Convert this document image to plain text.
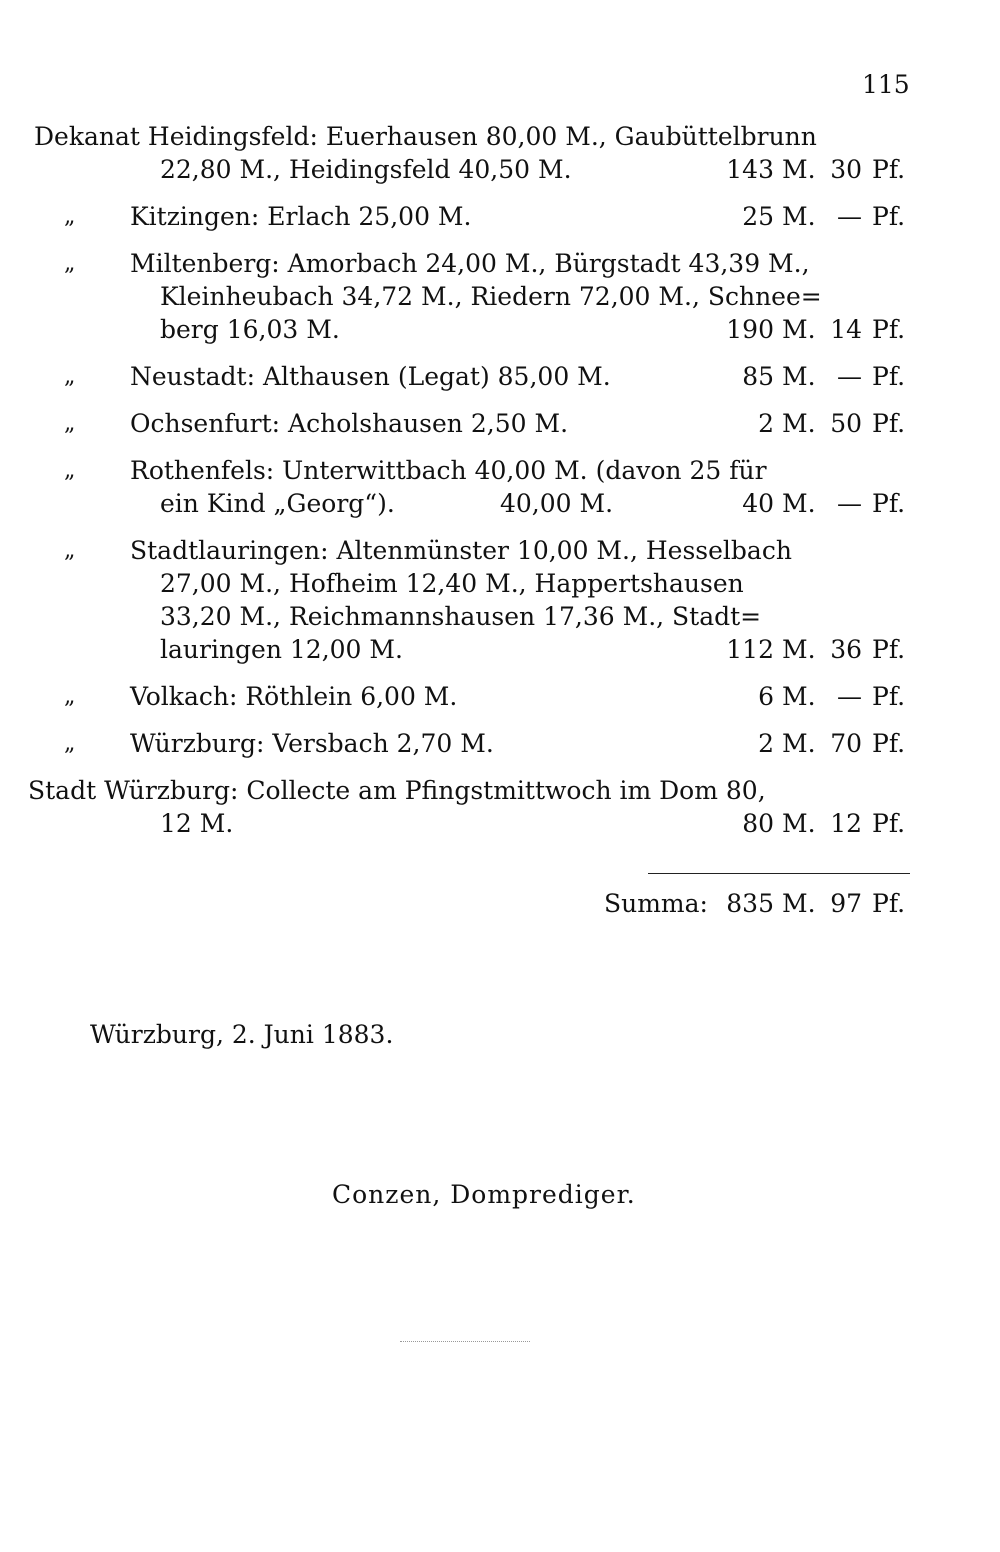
115
Dekanat Heidingsfeld: Euerhausen 80,00 M., Gaubüttelbrunn
22,80 M., Heidingsfeld 40,50 M.	143 M. 30 Pf.
„ Kitzingen: Erlach 25,00 M.	25 M. — Pf.
„ Miltenberg: Amorbach 24,00 M., Bürgstadt 43,39 M.,
Kleinheubach 34,72 M., Riedern 72,00 M., Schnee=
berg 16,03 M.	190 M. 14 Pf.
„ Neustadt: Althausen (Legat) 85,00 M.	85 M. — Pf.
„ Ochsenfurt: Acholshausen 2,50 M.	2 M. 50 Pf.
„ Rothenfels: Unterwittbach 40,00 M. (davon 25 für
ein Kind „Georg“).	40,00 M.	40 M. — Pf.
„ Stadtlauringen: Altenmünster 10,00 M., Hesselbach
27,00 M., Hofheim 12,40 M., Happertshausen
33,20 M., Reichmannshausen 17,36 M., Stadt=
lauringen 12,00 M.	112 M. 36 Pf.
„ Volkach: Röthlein 6,00 M.	6 M. — Pf.
„ Würzburg: Versbach 2,70 M.	2 M. 70 Pf.
Stadt Würzburg: Collecte am Pfingstmittwoch im Dom 80,
12 M.	80 M. 12 Pf.
Summa: 835 M. 97 Pf.
Würzburg, 2. Juni 1883.
Conzen, Domprediger.
